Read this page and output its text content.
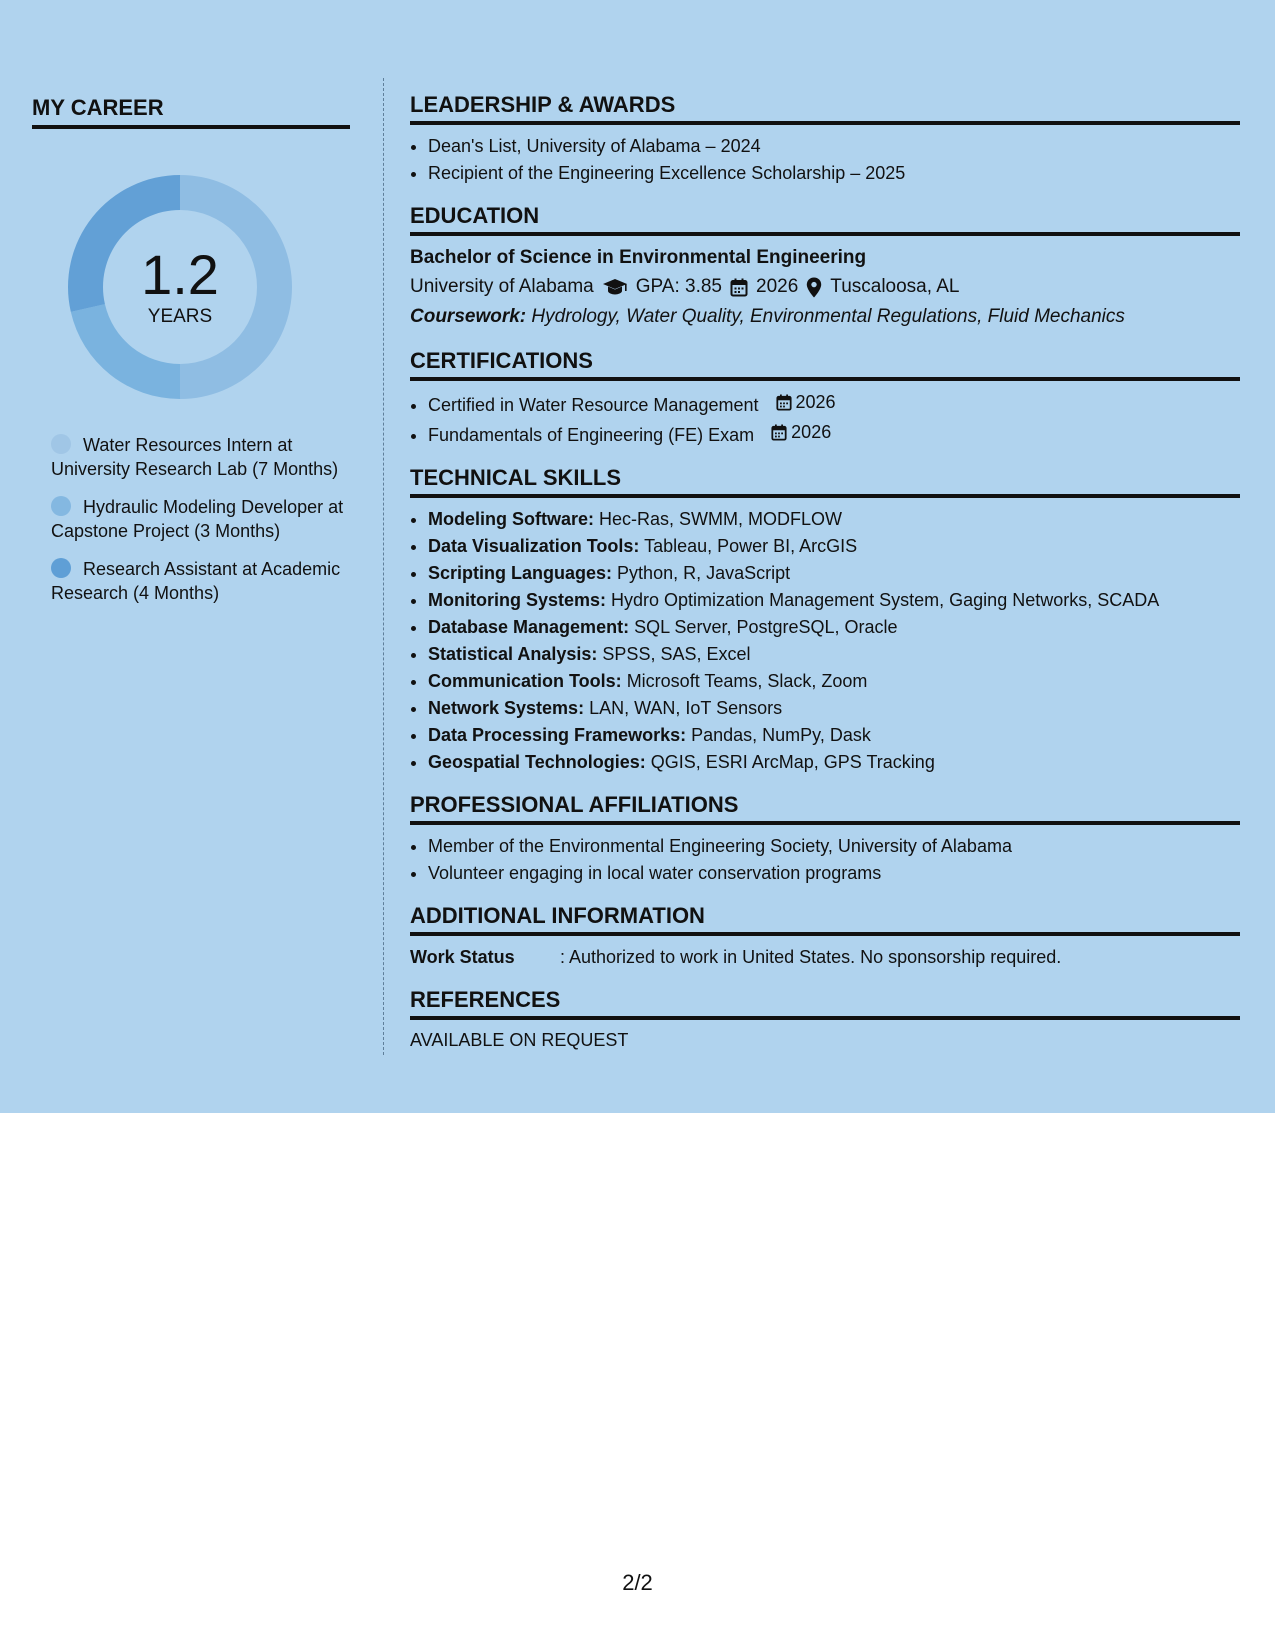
MY CAREER
1.2
YEARS
Water Resources Intern at University Research Lab (7 Months)
Hydraulic Modeling Developer at Capstone Project (3 Months)
Research Assistant at Academic Research (4 Months)
LEADERSHIP & AWARDS
• Dean's List, University of Alabama – 2024
• Recipient of the Engineering Excellence Scholarship – 2025
EDUCATION
Bachelor of Science in Environmental Engineering
University of Alabama GPA: 3.85 2026 Tuscaloosa, AL
Coursework: Hydrology, Water Quality, Environmental Regulations, Fluid Mechanics
CERTIFICATIONS
• Certified in Water Resource Management 2026
• Fundamentals of Engineering (FE) Exam 2026
TECHNICAL SKILLS
• Modeling Software: Hec-Ras, SWMM, MODFLOW
• Data Visualization Tools: Tableau, Power BI, ArcGIS
• Scripting Languages: Python, R, JavaScript
• Monitoring Systems: Hydro Optimization Management System, Gaging Networks, SCADA
• Database Management: SQL Server, PostgreSQL, Oracle
• Statistical Analysis: SPSS, SAS, Excel
• Communication Tools: Microsoft Teams, Slack, Zoom
• Network Systems: LAN, WAN, IoT Sensors
• Data Processing Frameworks: Pandas, NumPy, Dask
• Geospatial Technologies: QGIS, ESRI ArcMap, GPS Tracking
PROFESSIONAL AFFILIATIONS
• Member of the Environmental Engineering Society, University of Alabama
• Volunteer engaging in local water conservation programs
ADDITIONAL INFORMATION
Work Status	: Authorized to work in United States. No sponsorship required.
REFERENCES
AVAILABLE ON REQUEST
2/2
